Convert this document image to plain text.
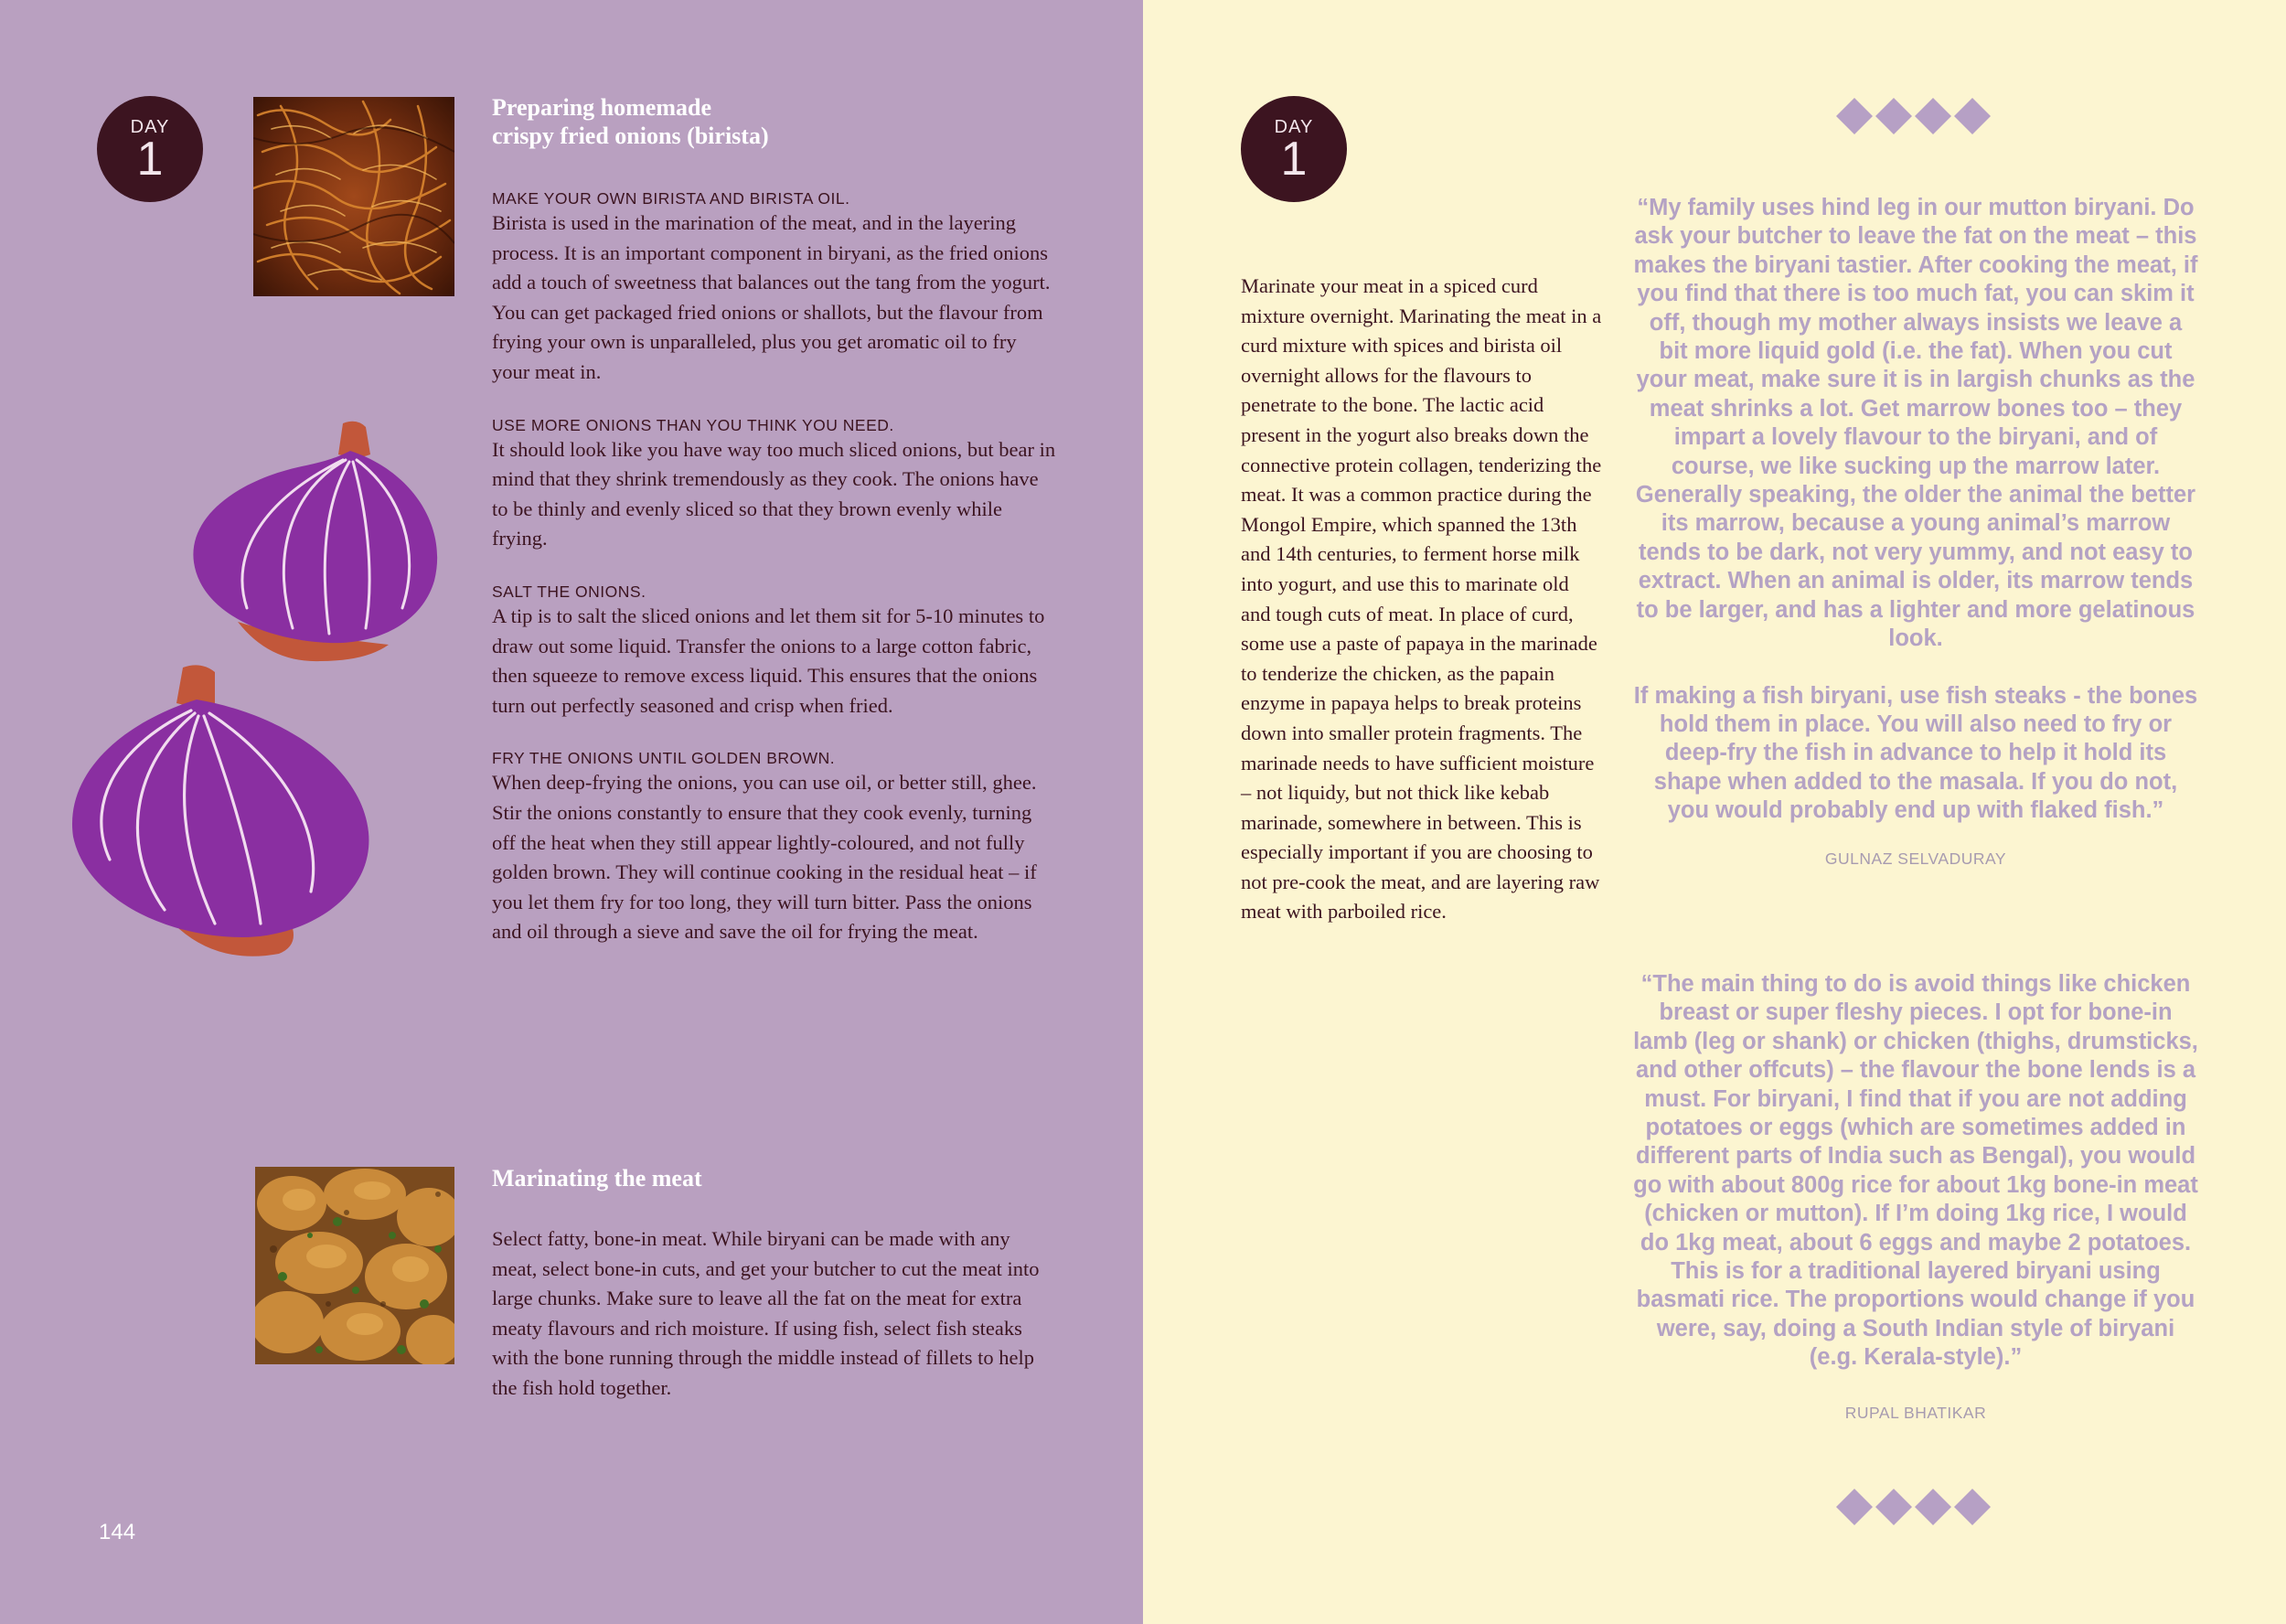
DAY
1
Preparing homemade
crispy fried onions (birista)
MAKE YOUR OWN BIRISTA AND BIRISTA OIL.
Birista is used in the marination of the meat, and in the layering process. It is an important component in biryani, as the fried onions add a touch of sweetness that balances out the tang from the yogurt. You can get packaged fried onions or shallots, but the flavour from frying your own is unparalleled, plus you get aromatic oil to fry your meat in.
USE MORE ONIONS THAN YOU THINK YOU NEED.
It should look like you have way too much sliced onions, but bear in mind that they shrink tremendously as they cook. The onions have to be thinly and evenly sliced so that they brown evenly while frying.
SALT THE ONIONS.
A tip is to salt the sliced onions and let them sit for 5-10 minutes to draw out some liquid. Transfer the onions to a large cotton fabric, then squeeze to remove excess liquid. This ensures that the onions turn out perfectly seasoned and crisp when fried.
FRY THE ONIONS UNTIL GOLDEN BROWN.
When deep-frying the onions, you can use oil, or better still, ghee. Stir the onions constantly to ensure that they cook evenly, turning off the heat when they still appear lightly-coloured, and not fully golden brown. They will continue cooking in the residual heat – if you let them fry for too long, they will turn bitter. Pass the onions and oil through a sieve and save the oil for frying the meat.
Marinating the meat
Select fatty, bone-in meat. While biryani can be made with any meat, select bone-in cuts, and get your butcher to cut the meat into large chunks. Make sure to leave all the fat on the meat for extra meaty flavours and rich moisture. If using fish, select fish steaks with the bone running through the middle instead of fillets to help the fish hold together.
144
DAY
1

Marinate your meat in a spiced curd mixture overnight. Marinating the meat in a curd mixture with spices and birista oil overnight allows for the flavours to penetrate to the bone. The lactic acid present in the yogurt also breaks down the connective protein collagen, tenderizing the meat. It was a common practice during the Mongol Empire, which spanned the 13th and 14th centuries, to ferment horse milk into yogurt, and use this to marinate old and tough cuts of meat. In place of curd, some use a paste of papaya in the marinade to tenderize the chicken, as the papain enzyme in papaya helps to break proteins down into smaller protein fragments. The marinade needs to have sufficient moisture – not liquidy, but not thick like kebab marinade, somewhere in between. This is especially important if you are choosing to not pre-cook the meat, and are layering raw meat with parboiled rice.

“My family uses hind leg in our mutton biryani. Do ask your butcher to leave the fat on the meat – this makes the biryani tastier. After cooking the meat, if you find that there is too much fat, you can skim it off, though my mother always insists we leave a bit more liquid gold (i.e. the fat). When you cut your meat, make sure it is in largish chunks as the meat shrinks a lot. Get marrow bones too – they impart a lovely flavour to the biryani, and of course, we like sucking up the marrow later. Generally speaking, the older the animal the better its marrow, because a young animal’s marrow tends to be dark, not very yummy, and not easy to extract. When an animal is older, its marrow tends to be larger, and has a lighter and more gelatinous look.
If making a fish biryani, use fish steaks - the bones hold them in place. You will also need to fry or deep-fry the fish in advance to help it hold its shape when added to the masala. If you do not, you would probably end up with flaked fish.”
GULNAZ SELVADURAY
“The main thing to do is avoid things like chicken breast or super fleshy pieces. I opt for bone-in lamb (leg or shank) or chicken (thighs, drumsticks, and other offcuts) – the flavour the bone lends is a must. For biryani, I find that if you are not adding potatoes or eggs (which are sometimes added in different parts of India such as Bengal), you would go with about 800g rice for about 1kg bone-in meat (chicken or mutton). If I’m doing 1kg rice, I would do 1kg meat, about 6 eggs and maybe 2 potatoes. This is for a traditional layered biryani using basmati rice. The proportions would change if you were, say, doing a South Indian style of biryani (e.g. Kerala-style).”
RUPAL BHATIKAR
